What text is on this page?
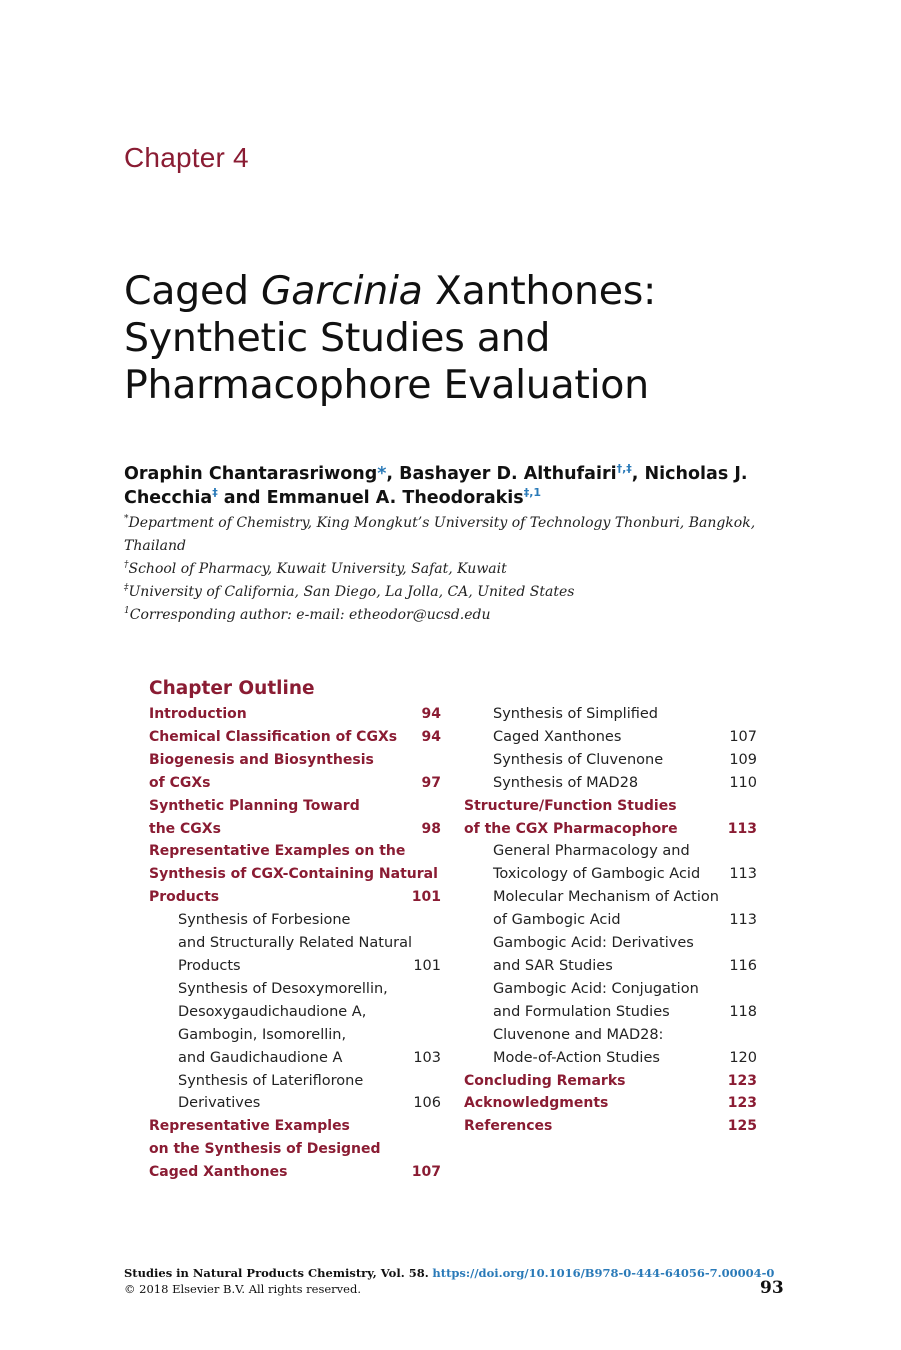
Chapter 4
Caged Garcinia Xanthones:
Synthetic Studies and
Pharmacophore Evaluation
Oraphin Chantarasriwong*, Bashayer D. Althufairi†,‡, Nicholas J.
Checchia‡ and Emmanuel A. Theodorakis$^{\ddagger,1}$
*Department of Chemistry, King Mongkut’s University of Technology Thonburi, Bangkok,
Thailand
†School of Pharmacy, Kuwait University, Safat, Kuwait
‡University of California, San Diego, La Jolla, CA, United States
$^1$Corresponding author: e-mail: etheodor@ucsd.edu
Chapter Outline
Introduction	94
Chemical Classification of CGXs	94
Biogenesis and Biosynthesis
of CGXs	97
Synthetic Planning Toward
the CGXs	98
Representative Examples on the
Synthesis of CGX-Containing Natural
Products	101
Synthesis of Forbesione
and Structurally Related Natural
Products	101
Synthesis of Desoxymorellin,
Desoxygaudichaudione A,
Gambogin, Isomorellin,
and Gaudichaudione A	103
Synthesis of Lateriflorone
Derivatives	106
Representative Examples
on the Synthesis of Designed
Caged Xanthones	107
Synthesis of Simplified
Caged Xanthones	107
Synthesis of Cluvenone	109
Synthesis of MAD28	110
Structure/Function Studies
of the CGX Pharmacophore	113
General Pharmacology and
Toxicology of Gambogic Acid	113
Molecular Mechanism of Action
of Gambogic Acid	113
Gambogic Acid: Derivatives
and SAR Studies	116
Gambogic Acid: Conjugation
and Formulation Studies	118
Cluvenone and MAD28:
Mode-of-Action Studies	120
Concluding Remarks	123
Acknowledgments	123
References	125
Studies in Natural Products Chemistry, Vol. 58. https://doi.org/10.1016/B978-0-444-64056-7.00004-0
© 2018 Elsevier B.V. All rights reserved.	93
